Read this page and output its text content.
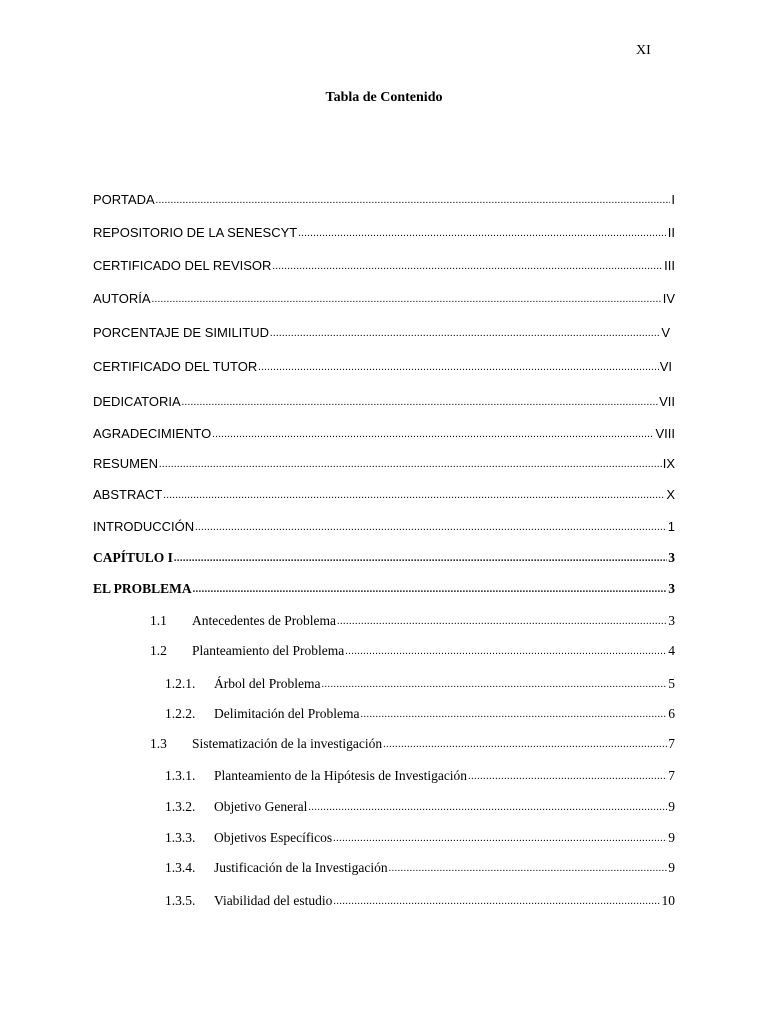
XI
Tabla de Contenido
PORTADA .....	I
REPOSITORIO DE LA SENESCYT .....	II
CERTIFICADO DEL REVISOR .....	III
AUTORÍA .....	IV
PORCENTAJE DE SIMILITUD .....	V
CERTIFICADO DEL TUTOR .....	VI
DEDICATORIA .....	VII
AGRADECIMIENTO .....	VIII
RESUMEN .....	IX
ABSTRACT .....	X
INTRODUCCIÓN .....	1
CAPÍTULO I .....	3
EL PROBLEMA .....	3
1.1	Antecedentes de Problema .....	3
1.2	Planteamiento del Problema .....	4
1.2.1.	Árbol del Problema .....	5
1.2.2.	Delimitación del Problema .....	6
1.3	Sistematización de la investigación .....	7
1.3.1.	Planteamiento de la Hipótesis de Investigación .....	7
1.3.2.	Objetivo General .....	9
1.3.3.	Objetivos Específicos .....	9
1.3.4.	Justificación de la Investigación .....	9
1.3.5.	Viabilidad del estudio .....	10
